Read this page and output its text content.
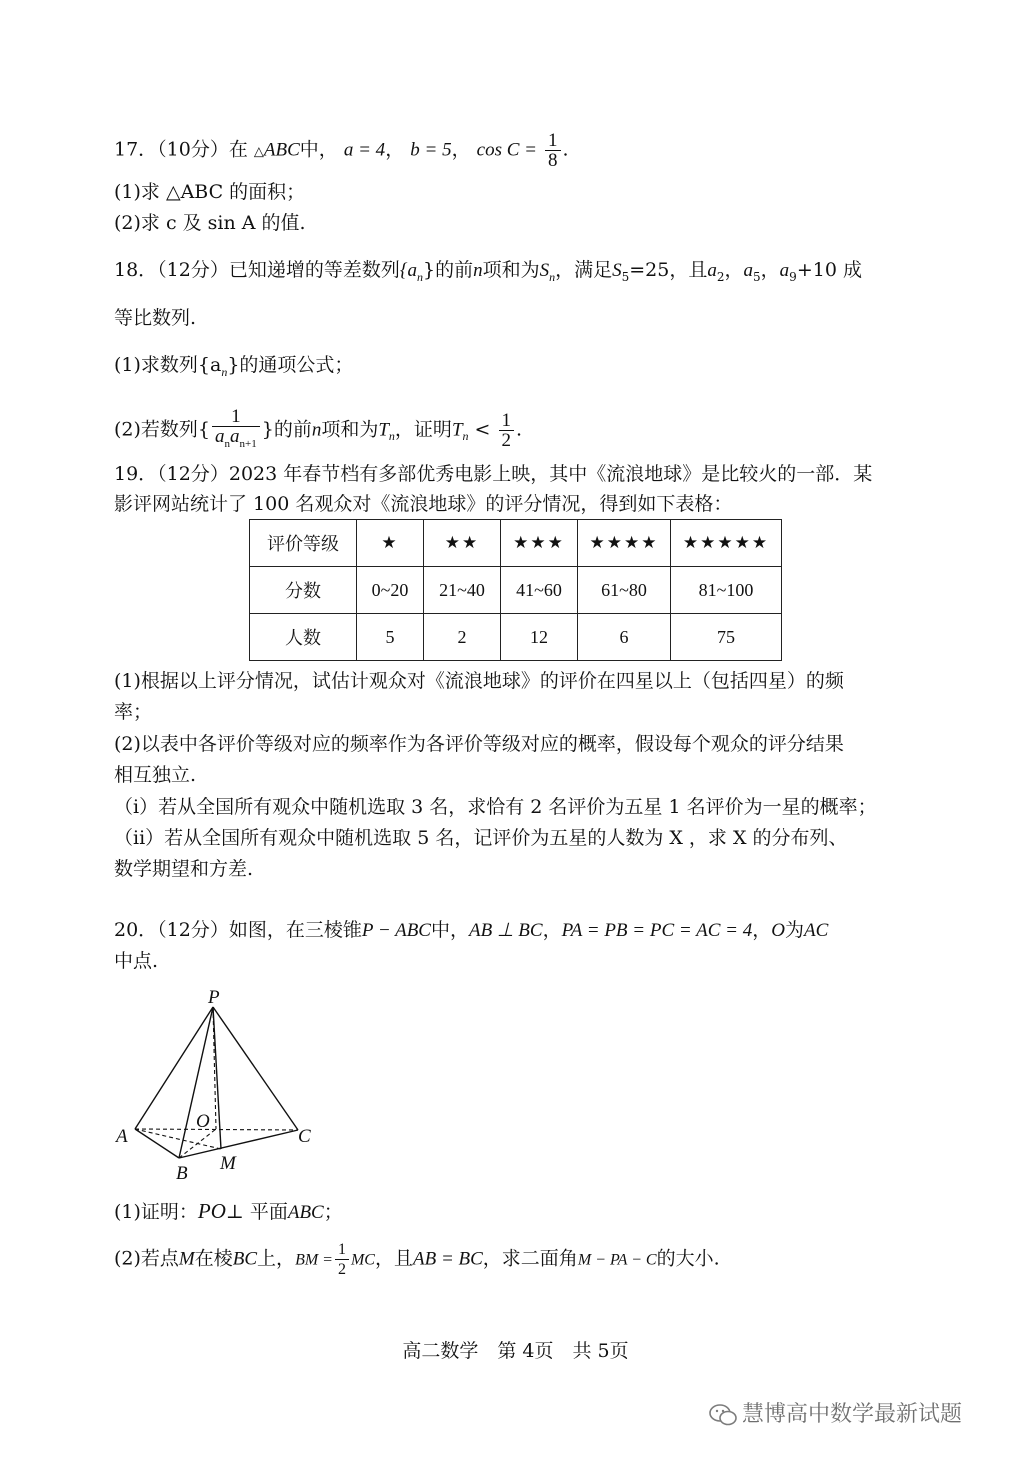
17．（10分）在 △ABC中， a = 4， b = 5， $\cos C = \frac{1}{8}$ .
(1)求 △ABC 的面积；
(2)求 c 及 sin A 的值.
18．（12分）已知递增的等差数列$\{a_n\}$的前n项和为$S_n$，满足$S_5=25$，且$a_2$，$a_5$，$a_9+10$ 成
等比数列.
(1)求数列$\{a_n\}$的通项公式；
(2)若数列{ $\frac{1}{a_na_{n+1}}$ }的前n项和为$T_n$，证明$T_n < \frac{1}{2}$ .
19．（12分）2023 年春节档有多部优秀电影上映，其中《流浪地球》是比较火的一部．某
影评网站统计了 100 名观众对《流浪地球》的评分情况，得到如下表格：
评价等级	★	★★	★★★	★★★★	★★★★★
分数	0~20	21~40	41~60	61~80	81~100
人数	5	2	12	6	75
(1)根据以上评分情况，试估计观众对《流浪地球》的评价在四星以上（包括四星）的频
率；
(2)以表中各评价等级对应的频率作为各评价等级对应的概率，假设每个观众的评分结果
相互独立.
（i）若从全国所有观众中随机选取 3 名，求恰有 2 名评价为五星 1 名评价为一星的概率；
（ii）若从全国所有观众中随机选取 5 名，记评价为五星的人数为 X ，求 X 的分布列、
数学期望和方差.
20．（12分）如图，在三棱锥P − ABC中，AB ⊥ BC，PA = PB = PC = AC = 4，O为AC
中点.
P
A
O
C
B M
(1)证明：PO⊥ 平面ABC；
(2)若点M在棱BC上，BM = $\frac{1}{2}$ MC，且AB = BC，求二面角M − PA − C的大小.
高二数学　第 4页　共 5页
慧博高中数学最新试题
